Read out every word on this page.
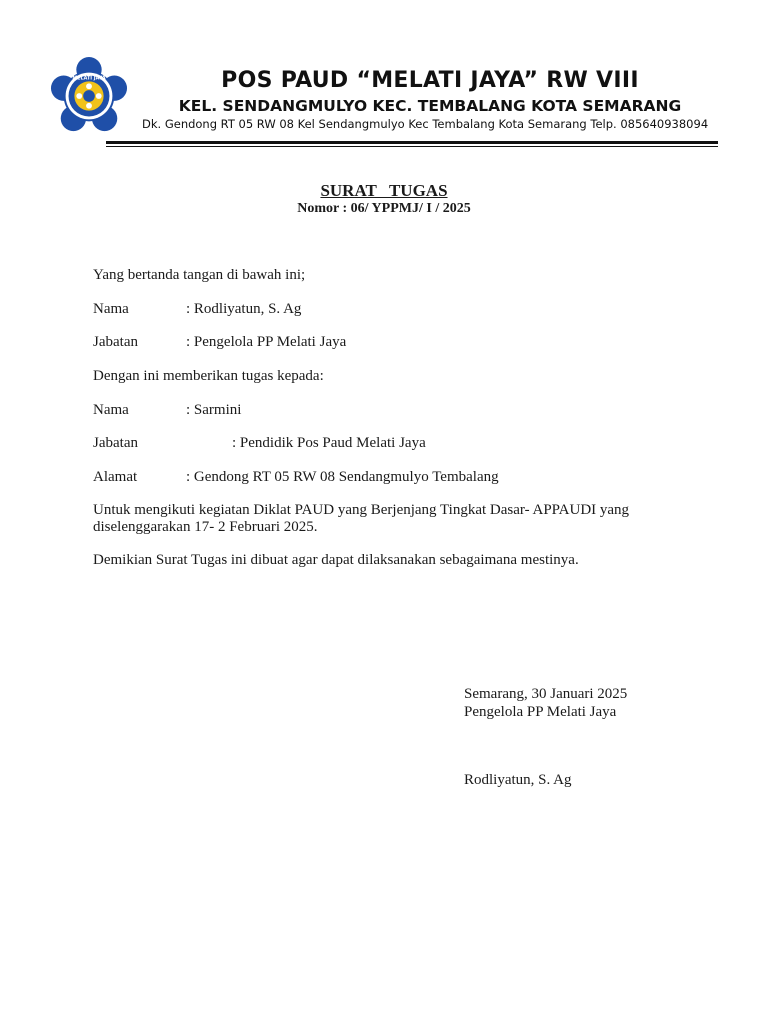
MELATI JAYA	POS PAUD “MELATI JAYA” RW VIII
KEL. SENDANGMULYO KEC. TEMBALANG KOTA SEMARANG
Dk. Gendong RT 05 RW 08 Kel Sendangmulyo Kec Tembalang Kota Semarang Telp. 085640938094
SURAT   TUGAS
Nomor : 06/ YPPMJ/ I / 2025
Yang bertanda tangan di bawah ini;
Nama	: Rodliyatun, S. Ag
Jabatan	: Pengelola PP Melati Jaya
Dengan ini memberikan tugas kepada:
Nama	: Sarmini
Jabatan	: Pendidik Pos Paud Melati Jaya
Alamat	: Gendong RT 05 RW 08 Sendangmulyo Tembalang
Untuk mengikuti kegiatan Diklat PAUD yang Berjenjang Tingkat Dasar- APPAUDI yang diselenggarakan 17- 2 Februari 2025.
Demikian Surat Tugas ini dibuat agar dapat dilaksanakan sebagaimana mestinya.
Semarang, 30 Januari 2025
Pengelola PP Melati Jaya
Rodliyatun, S. Ag
